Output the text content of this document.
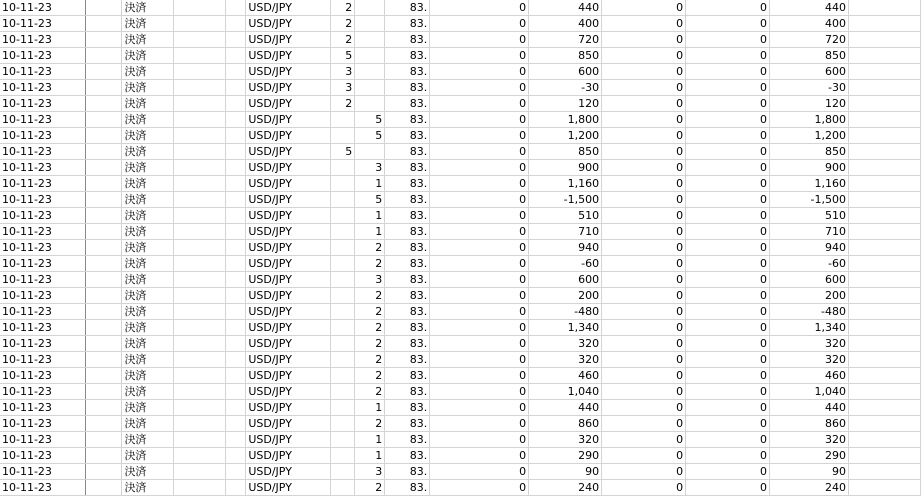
10-11-23		決済			USD/JPY	2		83.	0	440	0	0	440	
10-11-23		決済			USD/JPY	2		83.	0	400	0	0	400	
10-11-23		決済			USD/JPY	2		83.	0	720	0	0	720	
10-11-23		決済			USD/JPY	5		83.	0	850	0	0	850	
10-11-23		決済			USD/JPY	3		83.	0	600	0	0	600	
10-11-23		決済			USD/JPY	3		83.	0	-30	0	0	-30	
10-11-23		決済			USD/JPY	2		83.	0	120	0	0	120	
10-11-23		決済			USD/JPY		5	83.	0	1,800	0	0	1,800	
10-11-23		決済			USD/JPY		5	83.	0	1,200	0	0	1,200	
10-11-23		決済			USD/JPY	5		83.	0	850	0	0	850	
10-11-23		決済			USD/JPY		3	83.	0	900	0	0	900	
10-11-23		決済			USD/JPY		1	83.	0	1,160	0	0	1,160	
10-11-23		決済			USD/JPY		5	83.	0	-1,500	0	0	-1,500	
10-11-23		決済			USD/JPY		1	83.	0	510	0	0	510	
10-11-23		決済			USD/JPY		1	83.	0	710	0	0	710	
10-11-23		決済			USD/JPY		2	83.	0	940	0	0	940	
10-11-23		決済			USD/JPY		2	83.	0	-60	0	0	-60	
10-11-23		決済			USD/JPY		3	83.	0	600	0	0	600	
10-11-23		決済			USD/JPY		2	83.	0	200	0	0	200	
10-11-23		決済			USD/JPY		2	83.	0	-480	0	0	-480	
10-11-23		決済			USD/JPY		2	83.	0	1,340	0	0	1,340	
10-11-23		決済			USD/JPY		2	83.	0	320	0	0	320	
10-11-23		決済			USD/JPY		2	83.	0	320	0	0	320	
10-11-23		決済			USD/JPY		2	83.	0	460	0	0	460	
10-11-23		決済			USD/JPY		2	83.	0	1,040	0	0	1,040	
10-11-23		決済			USD/JPY		1	83.	0	440	0	0	440	
10-11-23		決済			USD/JPY		2	83.	0	860	0	0	860	
10-11-23		決済			USD/JPY		1	83.	0	320	0	0	320	
10-11-23		決済			USD/JPY		1	83.	0	290	0	0	290	
10-11-23		決済			USD/JPY		3	83.	0	90	0	0	90	
10-11-23		決済			USD/JPY		2	83.	0	240	0	0	240	
